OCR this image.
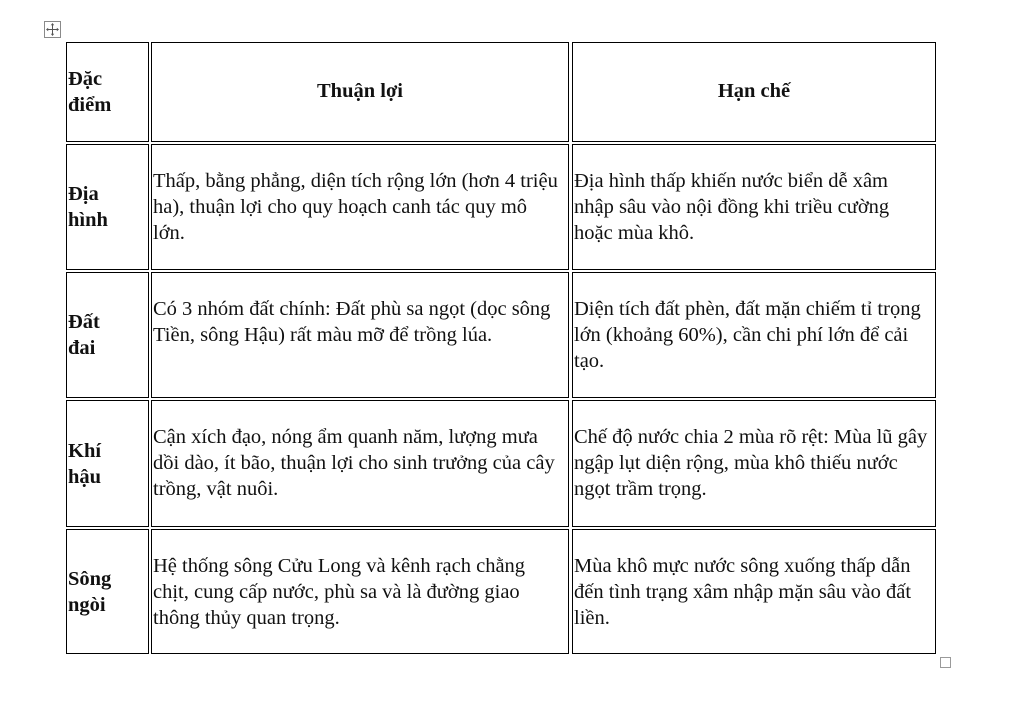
Đặc điểm
Thuận lợi	Hạn chế
Địa hình
Thấp, bằng phẳng, diện tích rộng lớn (hơn 4 triệu ha), thuận lợi cho quy hoạch canh tác quy mô lớn.
Địa hình thấp khiến nước biển dễ xâm nhập sâu vào nội đồng khi triều cường hoặc mùa khô.
Đất đai
Có 3 nhóm đất chính: Đất phù sa ngọt (dọc sông Tiền, sông Hậu) rất màu mỡ để trồng lúa.
Diện tích đất phèn, đất mặn chiếm tỉ trọng lớn (khoảng 60%), cần chi phí lớn để cải tạo.
Khí hậu
Cận xích đạo, nóng ẩm quanh năm, lượng mưa dồi dào, ít bão, thuận lợi cho sinh trưởng của cây trồng, vật nuôi.
Chế độ nước chia 2 mùa rõ rệt: Mùa lũ gây ngập lụt diện rộng, mùa khô thiếu nước ngọt trầm trọng.
Sông ngòi
Hệ thống sông Cửu Long và kênh rạch chằng chịt, cung cấp nước, phù sa và là đường giao thông thủy quan trọng.
Mùa khô mực nước sông xuống thấp dẫn đến tình trạng xâm nhập mặn sâu vào đất liền.
